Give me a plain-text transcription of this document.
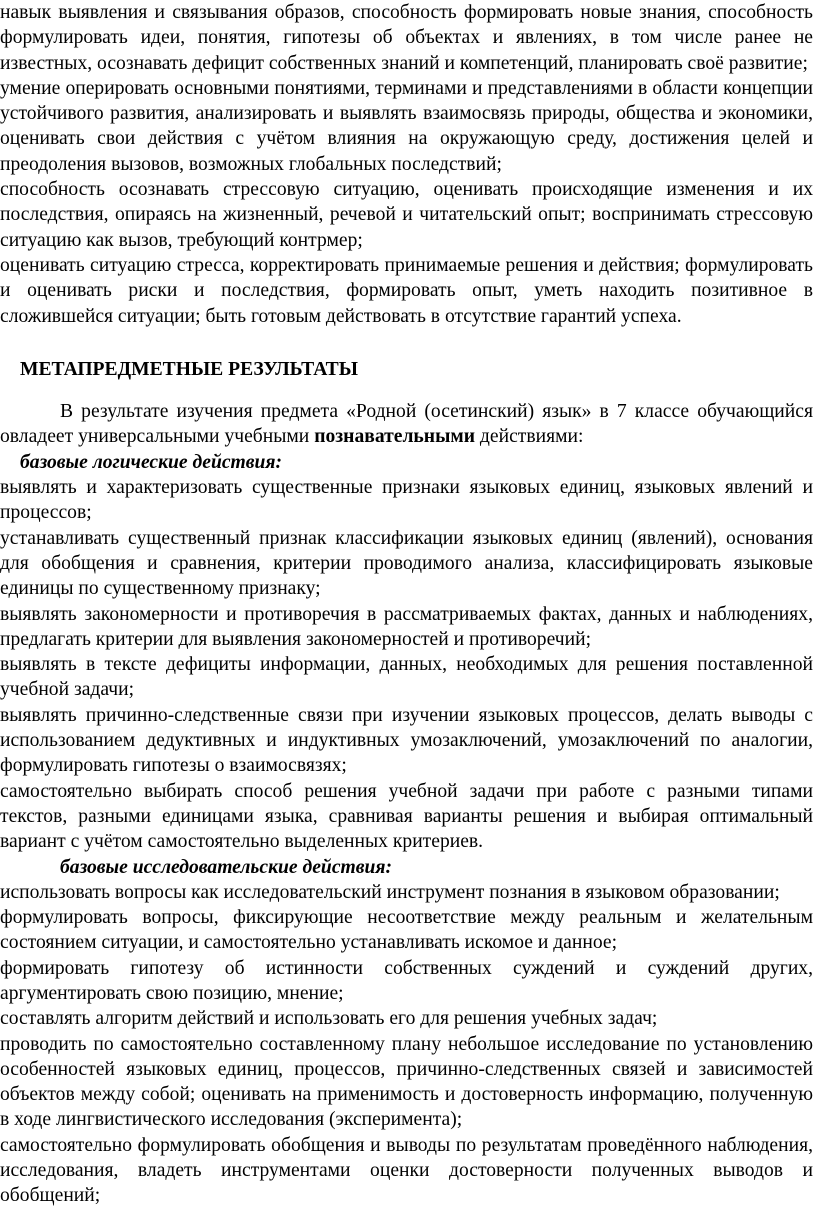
навык выявления и связывания образов, способность формировать новые знания, способность формулировать идеи, понятия, гипотезы об объектах и явлениях, в том числе ранее не известных, осознавать дефицит собственных знаний и компетенций, планировать своё развитие;

умение оперировать основными понятиями, терминами и представлениями в области концепции устойчивого развития, анализировать и выявлять взаимосвязь природы, общества и экономики, оценивать свои действия с учётом влияния на окружающую среду, достижения целей и преодоления вызовов, возможных глобальных последствий;

способность осознавать стрессовую ситуацию, оценивать происходящие изменения и их последствия, опираясь на жизненный, речевой и читательский опыт; воспринимать стрессовую ситуацию как вызов, требующий контрмер;

оценивать ситуацию стресса, корректировать принимаемые решения и действия; формулировать и оценивать риски и последствия, формировать опыт, уметь находить позитивное в сложившейся ситуации; быть готовым действовать в отсутствие гарантий успеха.

МЕТАПРЕДМЕТНЫЕ РЕЗУЛЬТАТЫ

В результате изучения предмета «Родной (осетинский) язык» в 7 классе обучающийся овладеет универсальными учебными познавательными действиями:

базовые логические действия:

выявлять и характеризовать существенные признаки языковых единиц, языковых явлений и процессов;

устанавливать существенный признак классификации языковых единиц (явлений), основания для обобщения и сравнения, критерии проводимого анализа, классифицировать языковые единицы по существенному признаку;

выявлять закономерности и противоречия в рассматриваемых фактах, данных и наблюдениях, предлагать критерии для выявления закономерностей и противоречий;

выявлять в тексте дефициты информации, данных, необходимых для решения поставленной учебной задачи;

выявлять причинно-следственные связи при изучении языковых процессов, делать выводы с использованием дедуктивных и индуктивных умозаключений, умозаключений по аналогии, формулировать гипотезы о взаимосвязях;

самостоятельно выбирать способ решения учебной задачи при работе с разными типами текстов, разными единицами языка, сравнивая варианты решения и выбирая оптимальный вариант с учётом самостоятельно выделенных критериев.

базовые исследовательские действия:

использовать вопросы как исследовательский инструмент познания в языковом образовании;

формулировать вопросы, фиксирующие несоответствие между реальным и желательным состоянием ситуации, и самостоятельно устанавливать искомое и данное;

формировать гипотезу об истинности собственных суждений и суждений других, аргументировать свою позицию, мнение;

составлять алгоритм действий и использовать его для решения учебных задач;

проводить по самостоятельно составленному плану небольшое исследование по установлению особенностей языковых единиц, процессов, причинно-следственных связей и зависимостей объектов между собой; оценивать на применимость и достоверность информацию, полученную в ходе лингвистического исследования (эксперимента);

самостоятельно формулировать обобщения и выводы по результатам проведённого наблюдения, исследования, владеть инструментами оценки достоверности полученных выводов и обобщений;
